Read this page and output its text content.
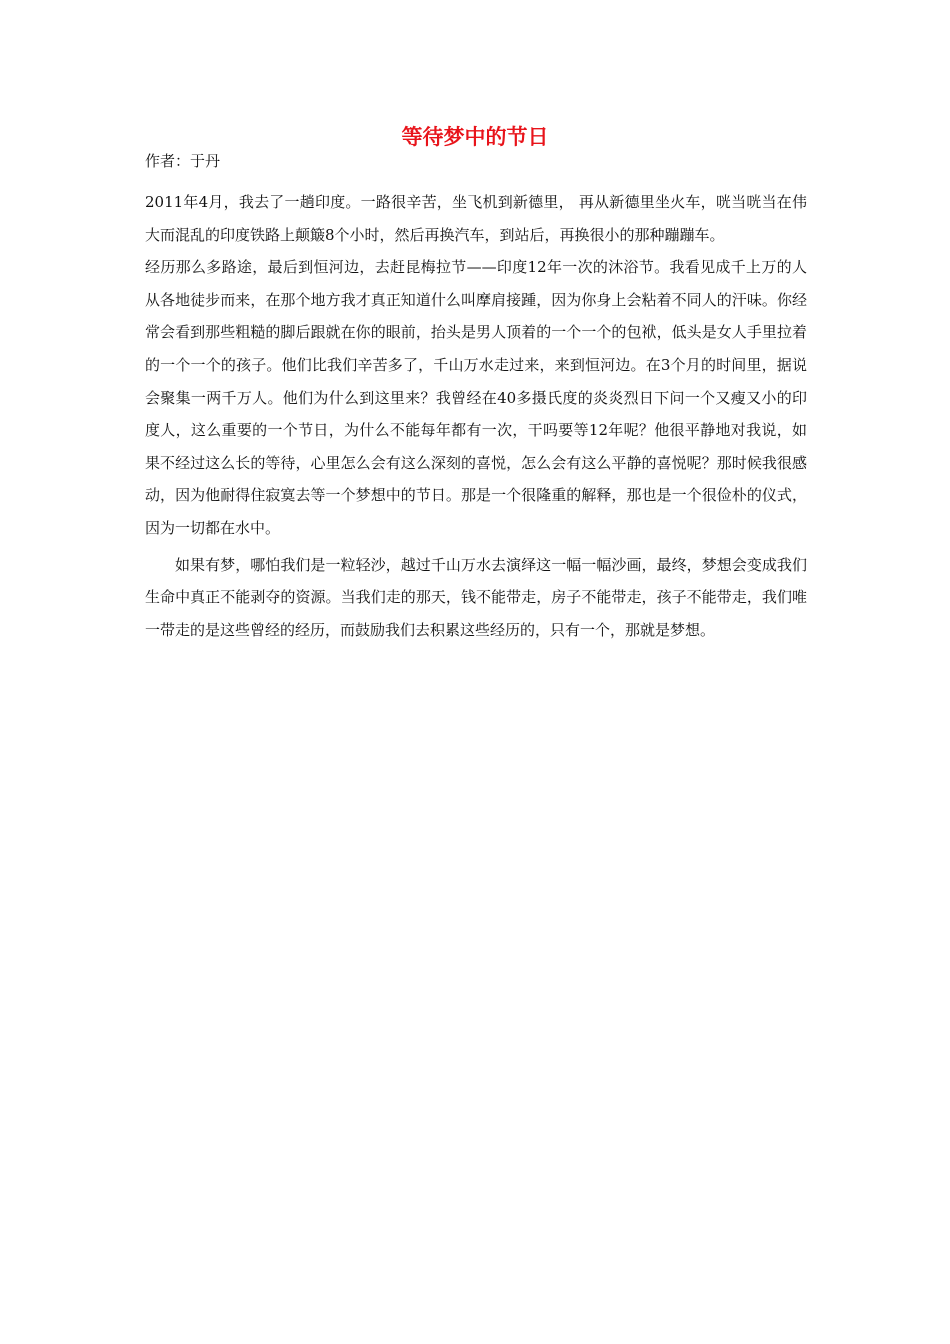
等待梦中的节日
作者：于丹

2011年4月，我去了一趟印度。一路很辛苦，坐飞机到新德里， 再从新德里坐火车，咣当咣当在伟大而混乱的印度铁路上颠簸8个小时，然后再换汽车，到站后，再换很小的那种蹦蹦车。

经历那么多路途，最后到恒河边，去赶昆梅拉节——印度12年一次的沐浴节。我看见成千上万的人从各地徒步而来，在那个地方我才真正知道什么叫摩肩接踵，因为你身上会粘着不同人的汗味。你经常会看到那些粗糙的脚后跟就在你的眼前，抬头是男人顶着的一个一个的包袱，低头是女人手里拉着的一个一个的孩子。他们比我们辛苦多了，千山万水走过来，来到恒河边。在3个月的时间里，据说会聚集一两千万人。他们为什么到这里来？我曾经在40多摄氏度的炎炎烈日下问一个又瘦又小的印度人，这么重要的一个节日，为什么不能每年都有一次，干吗要等12年呢？他很平静地对我说，如果不经过这么长的等待，心里怎么会有这么深刻的喜悦，怎么会有这么平静的喜悦呢？那时候我很感动，因为他耐得住寂寞去等一个梦想中的节日。那是一个很隆重的解释，那也是一个很俭朴的仪式，因为一切都在水中。

如果有梦，哪怕我们是一粒轻沙，越过千山万水去演绎这一幅一幅沙画，最终，梦想会变成我们生命中真正不能剥夺的资源。当我们走的那天，钱不能带走，房子不能带走，孩子不能带走，我们唯一带走的是这些曾经的经历，而鼓励我们去积累这些经历的，只有一个，那就是梦想。
